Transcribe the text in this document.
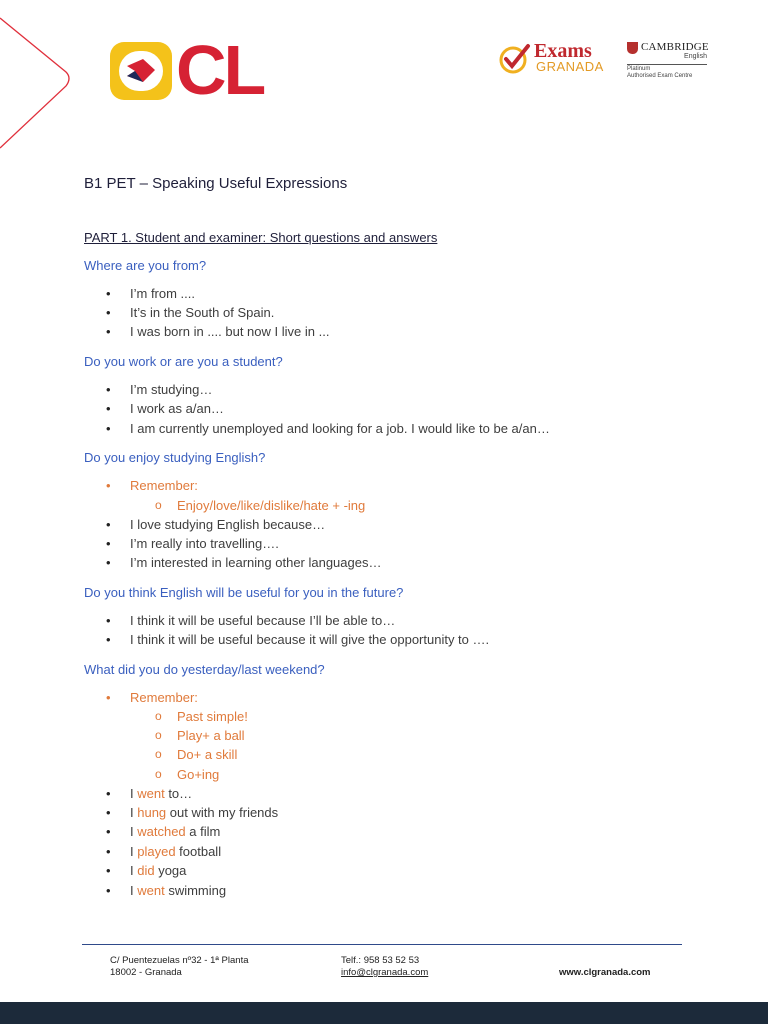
CL	Exams
GRANADA
CAMBRIDGE
English
Platinum
Authorised Exam Centre
B1 PET – Speaking Useful Expressions
PART 1. Student and examiner: Short questions and answers
Where are you from?
• I’m from ....
• It’s in the South of Spain.
• I was born in .... but now I live in ...
Do you work or are you a student?
• I’m studying…
• I work as a/an…
• I am currently unemployed and looking for a job. I would like to be a/an…
Do you enjoy studying English?
• Remember:
o Enjoy/love/like/dislike/hate + -ing
• I love studying English because…
• I’m really into travelling….
• I’m interested in learning other languages…
Do you think English will be useful for you in the future?
• I think it will be useful because I’ll be able to…
• I think it will be useful because it will give the opportunity to ….
What did you do yesterday/last weekend?
• Remember:
o Past simple!
o Play+ a ball
o Do+ a skill
o Go+ing
• I went to…
• I hung out with my friends
• I watched a film
• I played football
• I did yoga
• I went swimming
C/ Puentezuelas nº32 - 1ª Planta
18002 - Granada
Telf.: 958 53 52 53
info@clgranada.com	www.clgranada.com
